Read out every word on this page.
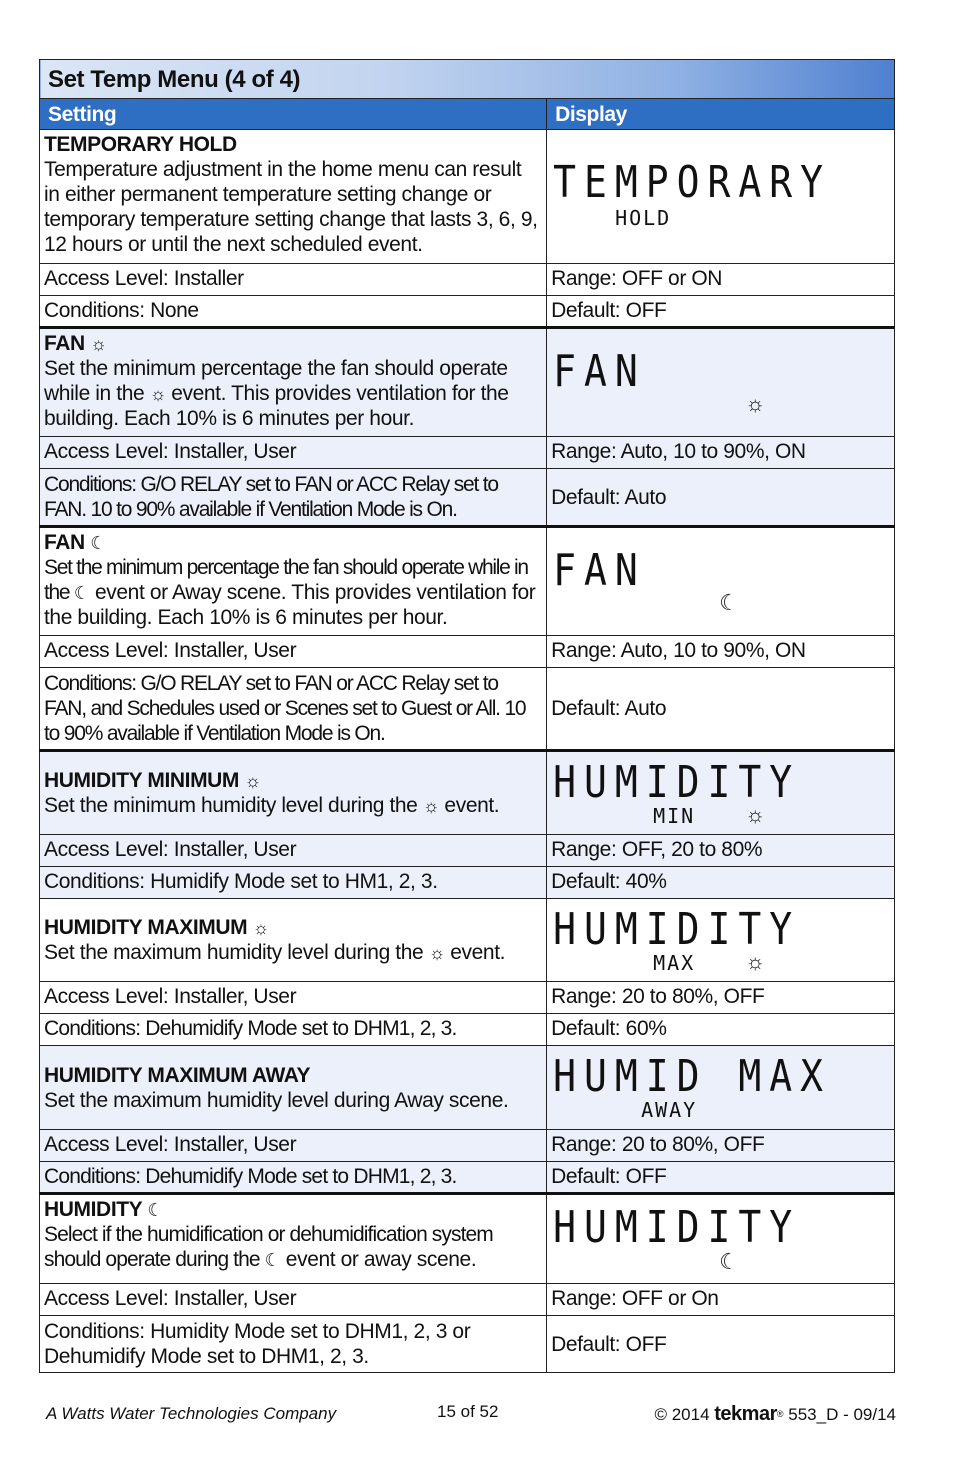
Set Temp Menu (4 of 4)	
Setting	Display
TEMPORARY HOLD
Temperature adjustment in the home menu can result in either permanent temperature setting change or temporary temperature setting change that lasts 3, 6, 9, 12 hours or until the next scheduled event.	TEMPORARY
HOLD

Access Level: Installer	Range: OFF or ON
Conditions: None	Default: OFF
FAN ☼
Set the minimum percentage the fan should operate while in the ☼ event. This provides ventilation for the building. Each 10% is 6 minutes per hour.	FAN
☼

Access Level: Installer, User	Range: Auto, 10 to 90%, ON

Conditions: G/O RELAY set to FAN or ACC Relay set to FAN. 10 to 90% available if Ventilation Mode is On.	Default: Auto
FAN ☾
Set the minimum percentage the fan should operate while in the ☾ event or Away scene. This provides ventilation for the building. Each 10% is 6 minutes per hour.	FAN
☾

Access Level: Installer, User	Range: Auto, 10 to 90%, ON

Conditions: G/O RELAY set to FAN or ACC Relay set to FAN, and Schedules used or Scenes set to Guest or All. 10 to 90% available if Ventilation Mode is On.	Default: Auto
HUMIDITY MINIMUM ☼
Set the minimum humidity level during the ☼ event.	HUMIDITY
MIN ☼

Access Level: Installer, User	Range: OFF, 20 to 80%
Conditions: Humidify Mode set to HM1, 2, 3.	Default: 40%
HUMIDITY MAXIMUM ☼
Set the maximum humidity level during the ☼ event.	HUMIDITY
MAX ☼

Access Level: Installer, User	Range: 20 to 80%, OFF
Conditions: Dehumidify Mode set to DHM1, 2, 3.	Default: 60%
HUMIDITY MAXIMUM AWAY
Set the maximum humidity level during Away scene.	HUMID MAX
AWAY

Access Level: Installer, User	Range: 20 to 80%, OFF
Conditions: Dehumidify Mode set to DHM1, 2, 3.	Default: OFF
HUMIDITY ☾
Select if the humidification or dehumidification system should operate during the ☾ event or away scene.	HUMIDITY
☾

Access Level: Installer, User	Range: OFF or On
Conditions: Humidity Mode set to DHM1, 2, 3 or Dehumidify Mode set to DHM1, 2, 3.	Default: OFF
A Watts Water Technologies Company	15 of 52	© 2014 tekmar® 553_D - 09/14
